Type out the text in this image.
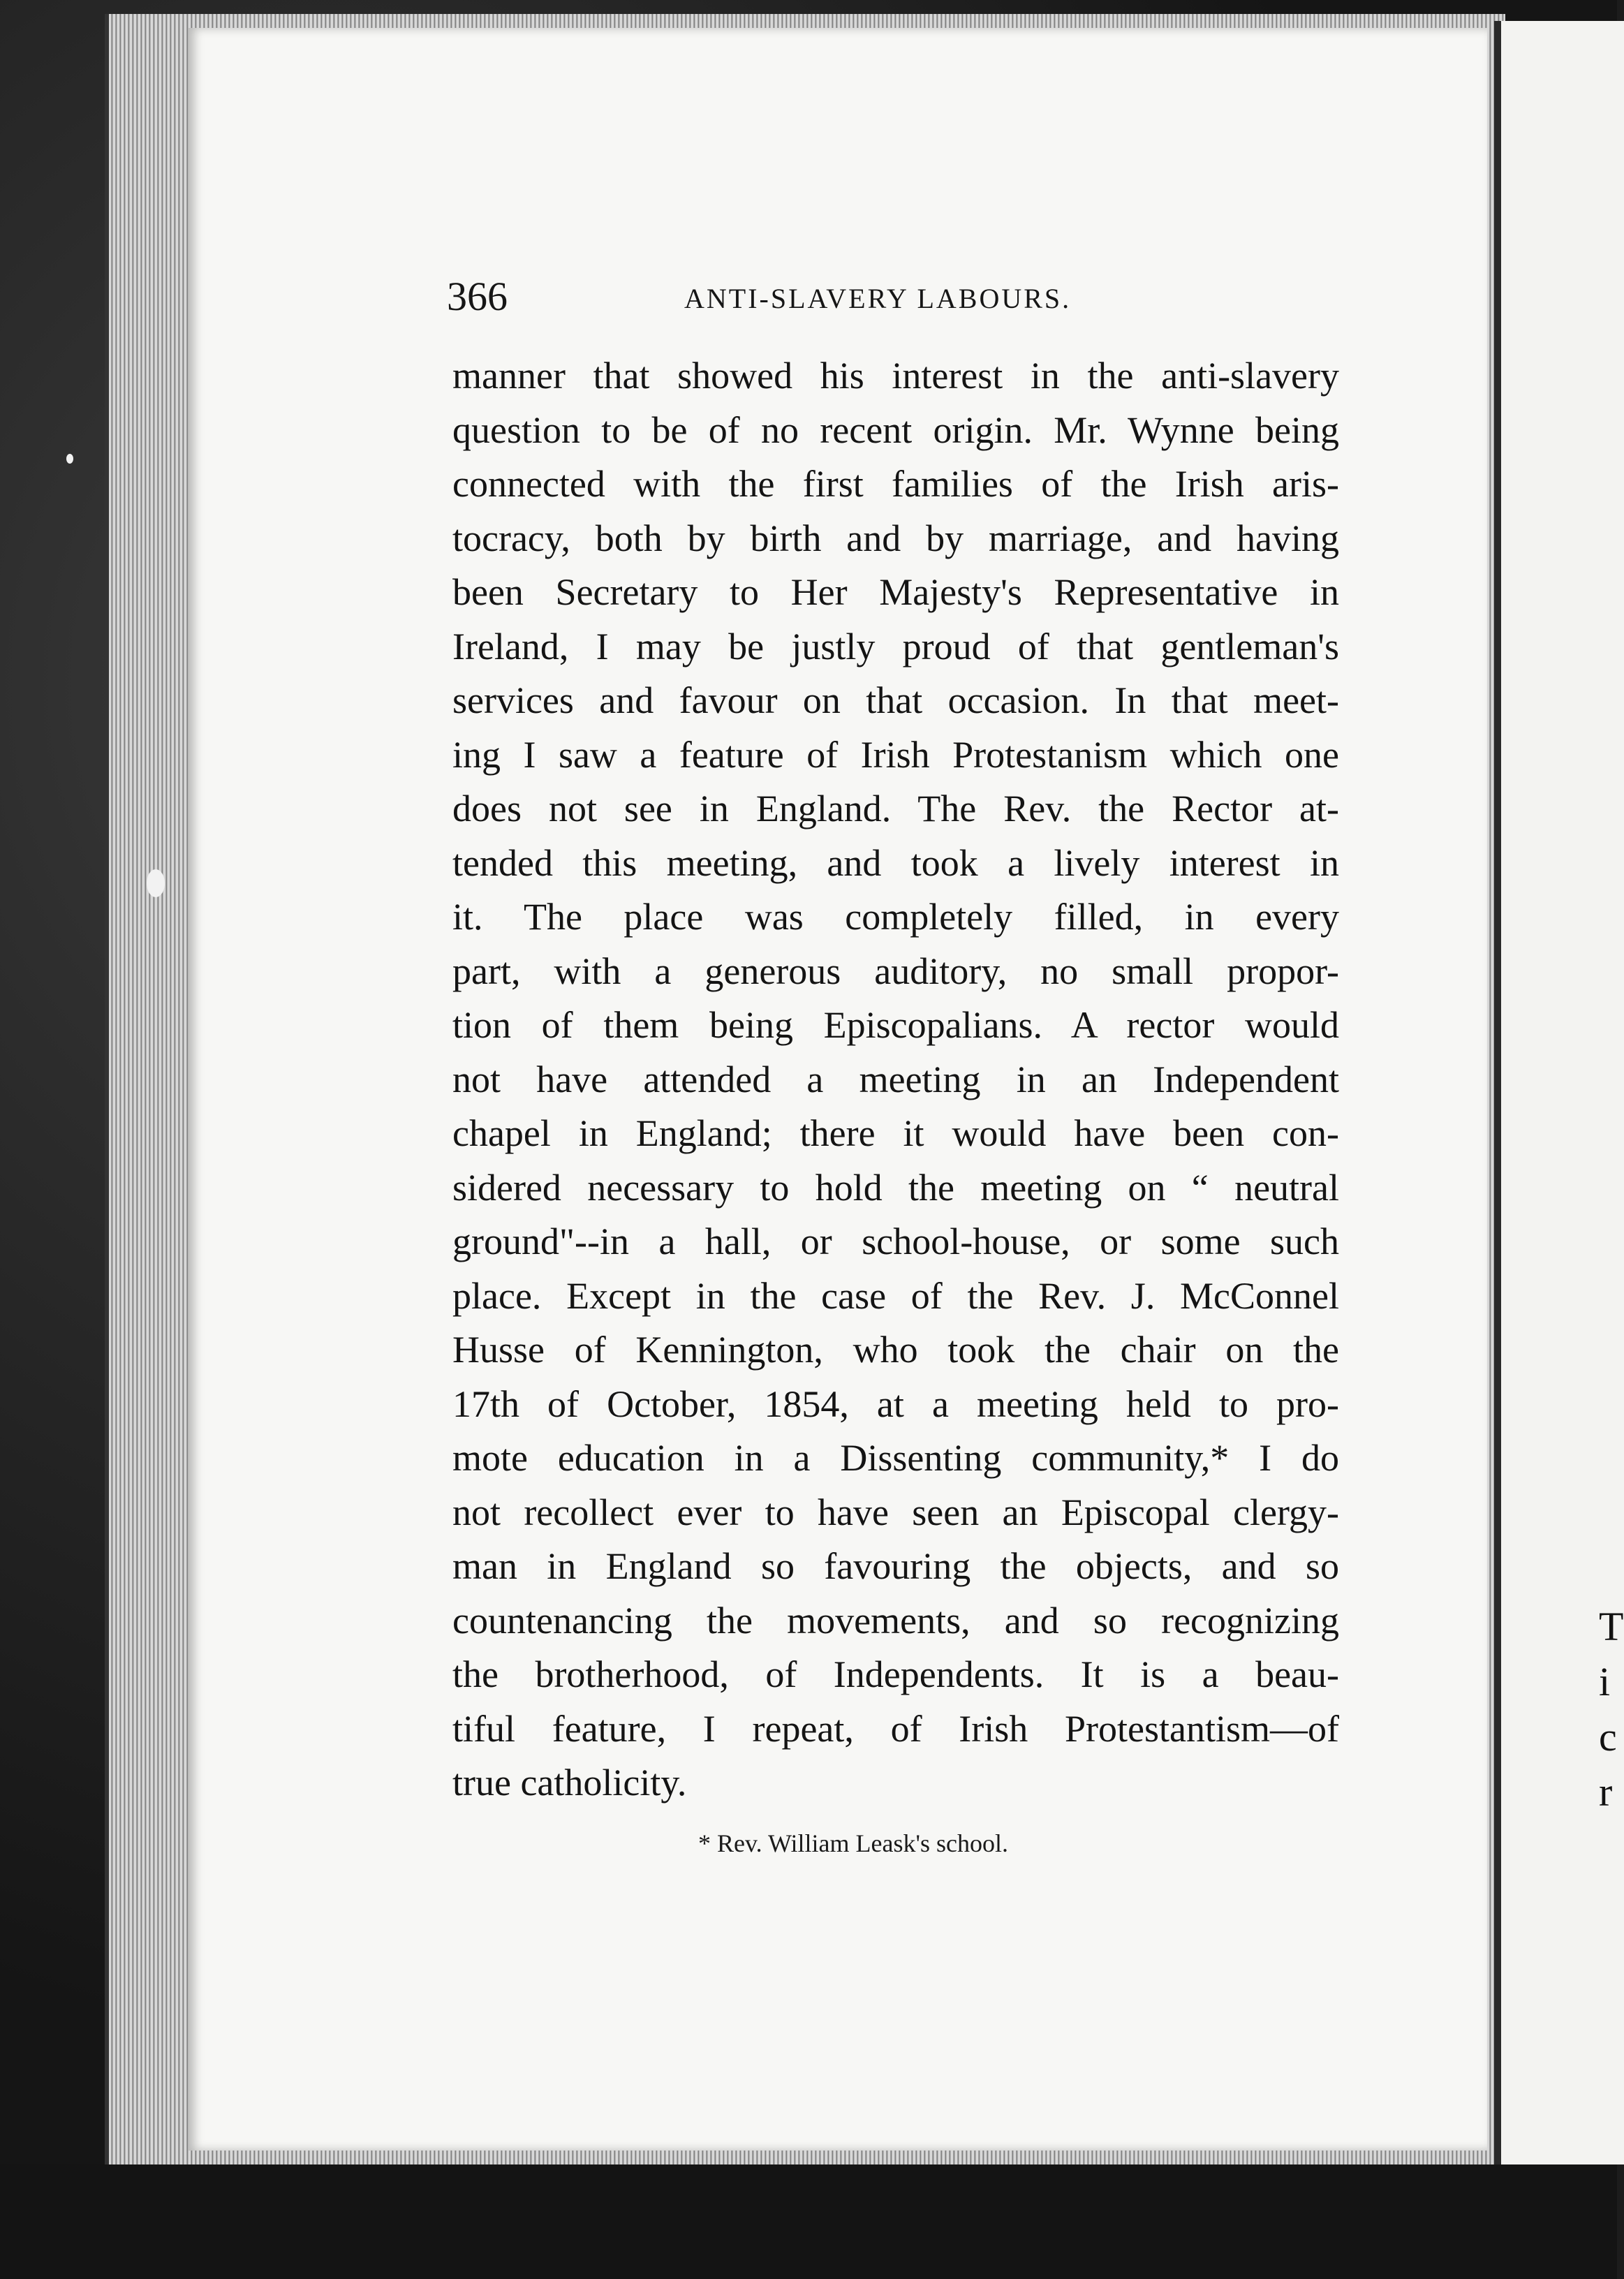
T
i
c
r
366	ANTI-SLAVERY LABOURS.
manner that showed his interest in the anti-slavery
question to be of no recent origin. Mr. Wynne being
connected with the first families of the Irish aris-
tocracy, both by birth and by marriage, and having
been Secretary to Her Majesty's Representative in
Ireland, I may be justly proud of that gentleman's
services and favour on that occasion. In that meet-
ing I saw a feature of Irish Protestanism which one
does not see in England. The Rev. the Rector at-
tended this meeting, and took a lively interest in
it. The place was completely filled, in every
part, with a generous auditory, no small propor-
tion of them being Episcopalians. A rector would
not have attended a meeting in an Independent
chapel in England; there it would have been con-
sidered necessary to hold the meeting on “ neutral
ground"--in a hall, or school-house, or some such
place. Except in the case of the Rev. J. McConnel
Husse of Kennington, who took the chair on the
17th of October, 1854, at a meeting held to pro-
mote education in a Dissenting community,* I do
not recollect ever to have seen an Episcopal clergy-
man in England so favouring the objects, and so
countenancing the movements, and so recognizing
the brotherhood, of Independents. It is a beau-
tiful feature, I repeat, of Irish Protestantism—of
true catholicity.
* Rev. William Leask's school.
